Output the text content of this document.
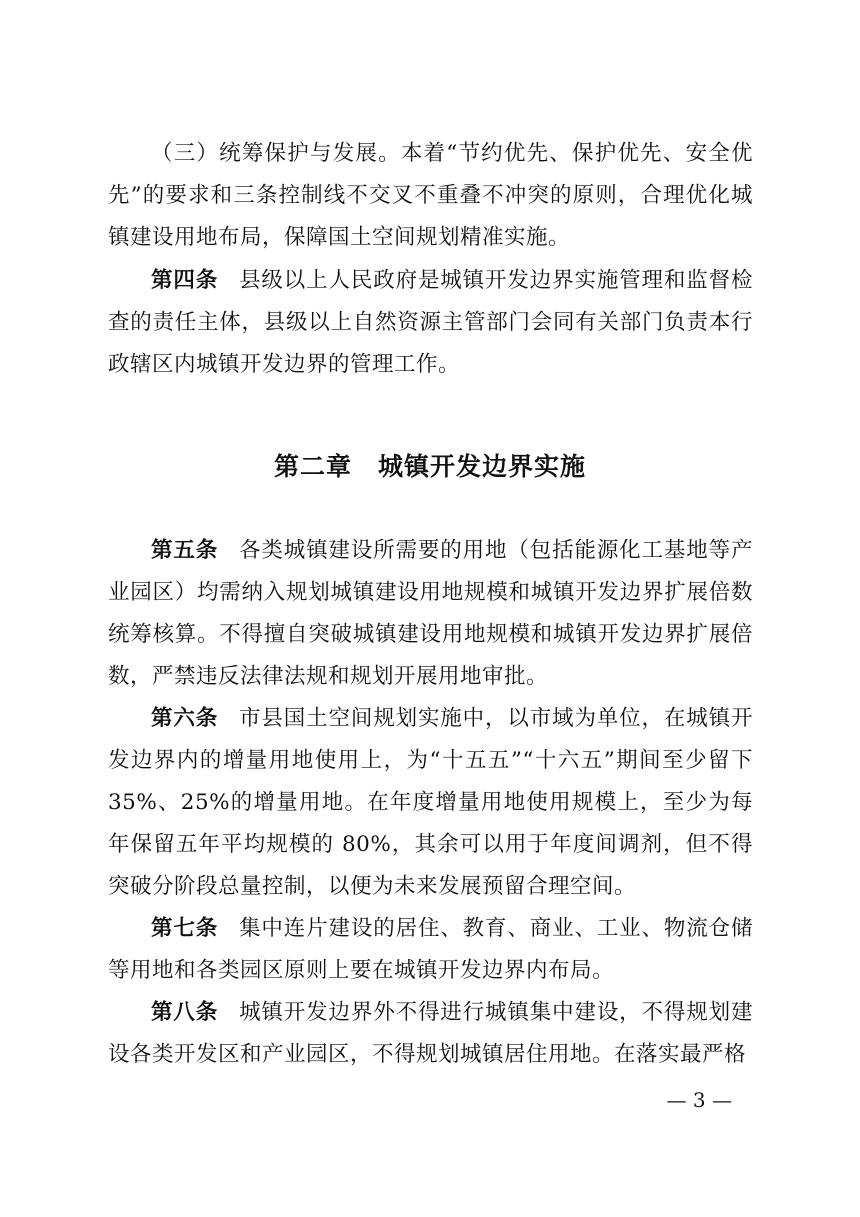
（三）统筹保护与发展。本着“节约优先、保护优先、安全优先”的要求和三条控制线不交叉不重叠不冲突的原则，合理优化城镇建设用地布局，保障国土空间规划精准实施。

第四条 县级以上人民政府是城镇开发边界实施管理和监督检查的责任主体，县级以上自然资源主管部门会同有关部门负责本行政辖区内城镇开发边界的管理工作。

第二章　城镇开发边界实施

第五条 各类城镇建设所需要的用地（包括能源化工基地等产业园区）均需纳入规划城镇建设用地规模和城镇开发边界扩展倍数统筹核算。不得擅自突破城镇建设用地规模和城镇开发边界扩展倍数，严禁违反法律法规和规划开展用地审批。

第六条 市县国土空间规划实施中，以市域为单位，在城镇开发边界内的增量用地使用上，为“十五五”“十六五”期间至少留下35%、25%的增量用地。在年度增量用地使用规模上，至少为每年保留五年平均规模的 80%，其余可以用于年度间调剂，但不得突破分阶段总量控制，以便为未来发展预留合理空间。

第七条 集中连片建设的居住、教育、商业、工业、物流仓储等用地和各类园区原则上要在城镇开发边界内布局。

第八条 城镇开发边界外不得进行城镇集中建设，不得规划建设各类开发区和产业园区，不得规划城镇居住用地。在落实最严格

— 3 —
